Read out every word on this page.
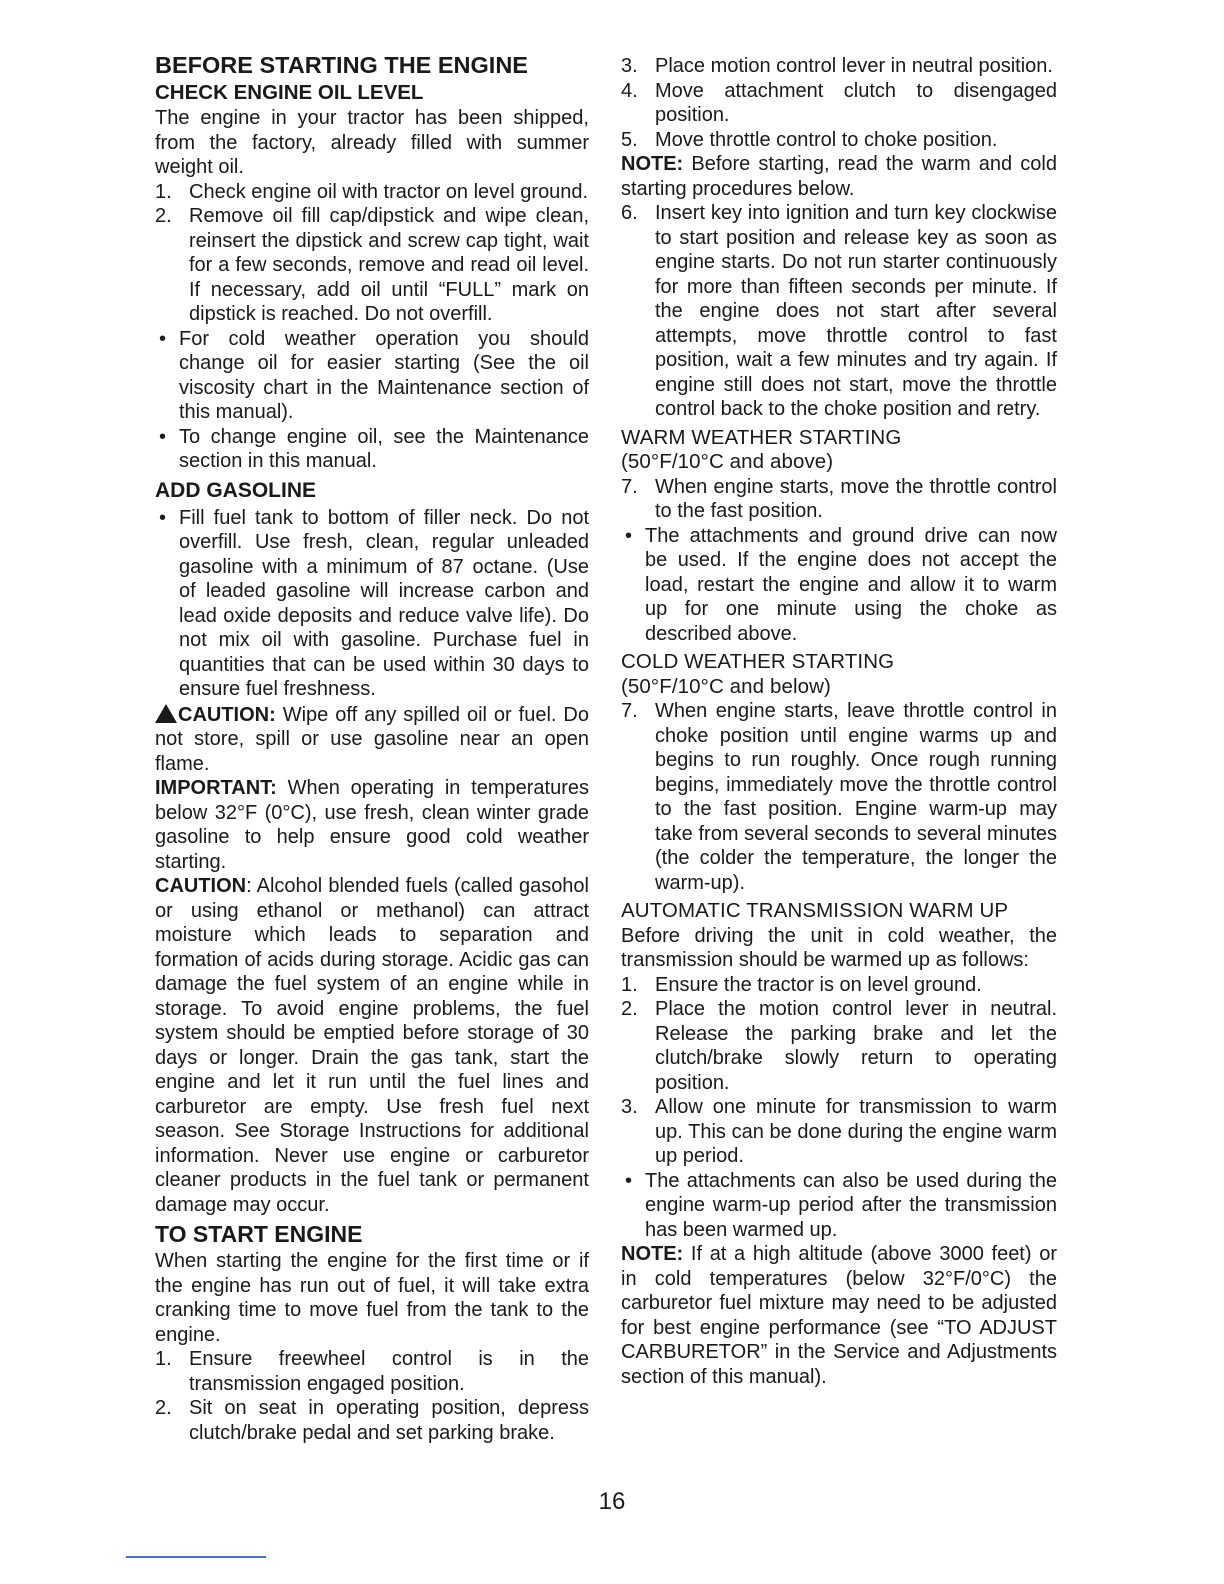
BEFORE STARTING THE ENGINE
CHECK ENGINE OIL LEVEL

The engine in your tractor has been shipped, from the factory, already filled with summer weight oil.

1. Check engine oil with tractor on level ground.
2. Remove oil fill cap/dipstick and wipe clean, reinsert the dipstick and screw cap tight, wait for a few seconds, remove and read oil level. If necessary, add oil until “FULL” mark on dipstick is reached. Do not overfill.
• For cold weather operation you should change oil for easier starting (See the oil viscosity chart in the Maintenance section of this manual).
• To change engine oil, see the Maintenance section in this manual.
ADD GASOLINE
• Fill fuel tank to bottom of filler neck. Do not overfill. Use fresh, clean, regular unleaded gasoline with a minimum of 87 octane. (Use of leaded gasoline will increase carbon and lead oxide deposits and reduce valve life). Do not mix oil with gasoline. Purchase fuel in quantities that can be used within 30 days to ensure fuel freshness.

CAUTION: Wipe off any spilled oil or fuel. Do not store, spill or use gasoline near an open flame.

IMPORTANT: When operating in temperatures below 32°F (0°C), use fresh, clean winter grade gasoline to help ensure good cold weather starting.

CAUTION: Alcohol blended fuels (called gasohol or using ethanol or methanol) can attract moisture which leads to separation and formation of acids during storage. Acidic gas can damage the fuel system of an engine while in storage. To avoid engine problems, the fuel system should be emptied before storage of 30 days or longer. Drain the gas tank, start the engine and let it run until the fuel lines and carburetor are empty. Use fresh fuel next season. See Storage Instructions for additional information. Never use engine or carburetor cleaner products in the fuel tank or permanent damage may occur.

TO START ENGINE

When starting the engine for the first time or if the engine has run out of fuel, it will take extra cranking time to move fuel from the tank to the engine.

1. Ensure freewheel control is in the transmission engaged position.
2. Sit on seat in operating position, depress clutch/brake pedal and set parking brake.
3. Place motion control lever in neutral position.
4. Move attachment clutch to disengaged position.
5. Move throttle control to choke position.

NOTE: Before starting, read the warm and cold starting procedures below.

6. Insert key into ignition and turn key clockwise to start position and release key as soon as engine starts. Do not run starter continuously for more than fifteen seconds per minute. If the engine does not start after several attempts, move throttle control to fast position, wait a few minutes and try again. If engine still does not start, move the throttle control back to the choke position and retry.
WARM WEATHER STARTING
(50°F/10°C and above)
7. When engine starts, move the throttle control to the fast position.
• The attachments and ground drive can now be used. If the engine does not accept the load, restart the engine and allow it to warm up for one minute using the choke as described above.
COLD WEATHER STARTING
(50°F/10°C and below)
7. When engine starts, leave throttle control in choke position until engine warms up and begins to run roughly. Once rough running begins, immediately move the throttle control to the fast position. Engine warm-up may take from several seconds to several minutes (the colder the temperature, the longer the warm-up).
AUTOMATIC TRANSMISSION WARM UP

Before driving the unit in cold weather, the transmission should be warmed up as follows:

1. Ensure the tractor is on level ground.
2. Place the motion control lever in neutral. Release the parking brake and let the clutch/brake slowly return to operating position.
3. Allow one minute for transmission to warm up. This can be done during the engine warm up period.
• The attachments can also be used during the engine warm-up period after the transmission has been warmed up.

NOTE: If at a high altitude (above 3000 feet) or in cold temperatures (below 32°F/0°C) the carburetor fuel mixture may need to be adjusted for best engine performance (see “TO ADJUST CARBURETOR” in the Service and Adjustments section of this manual).

16
